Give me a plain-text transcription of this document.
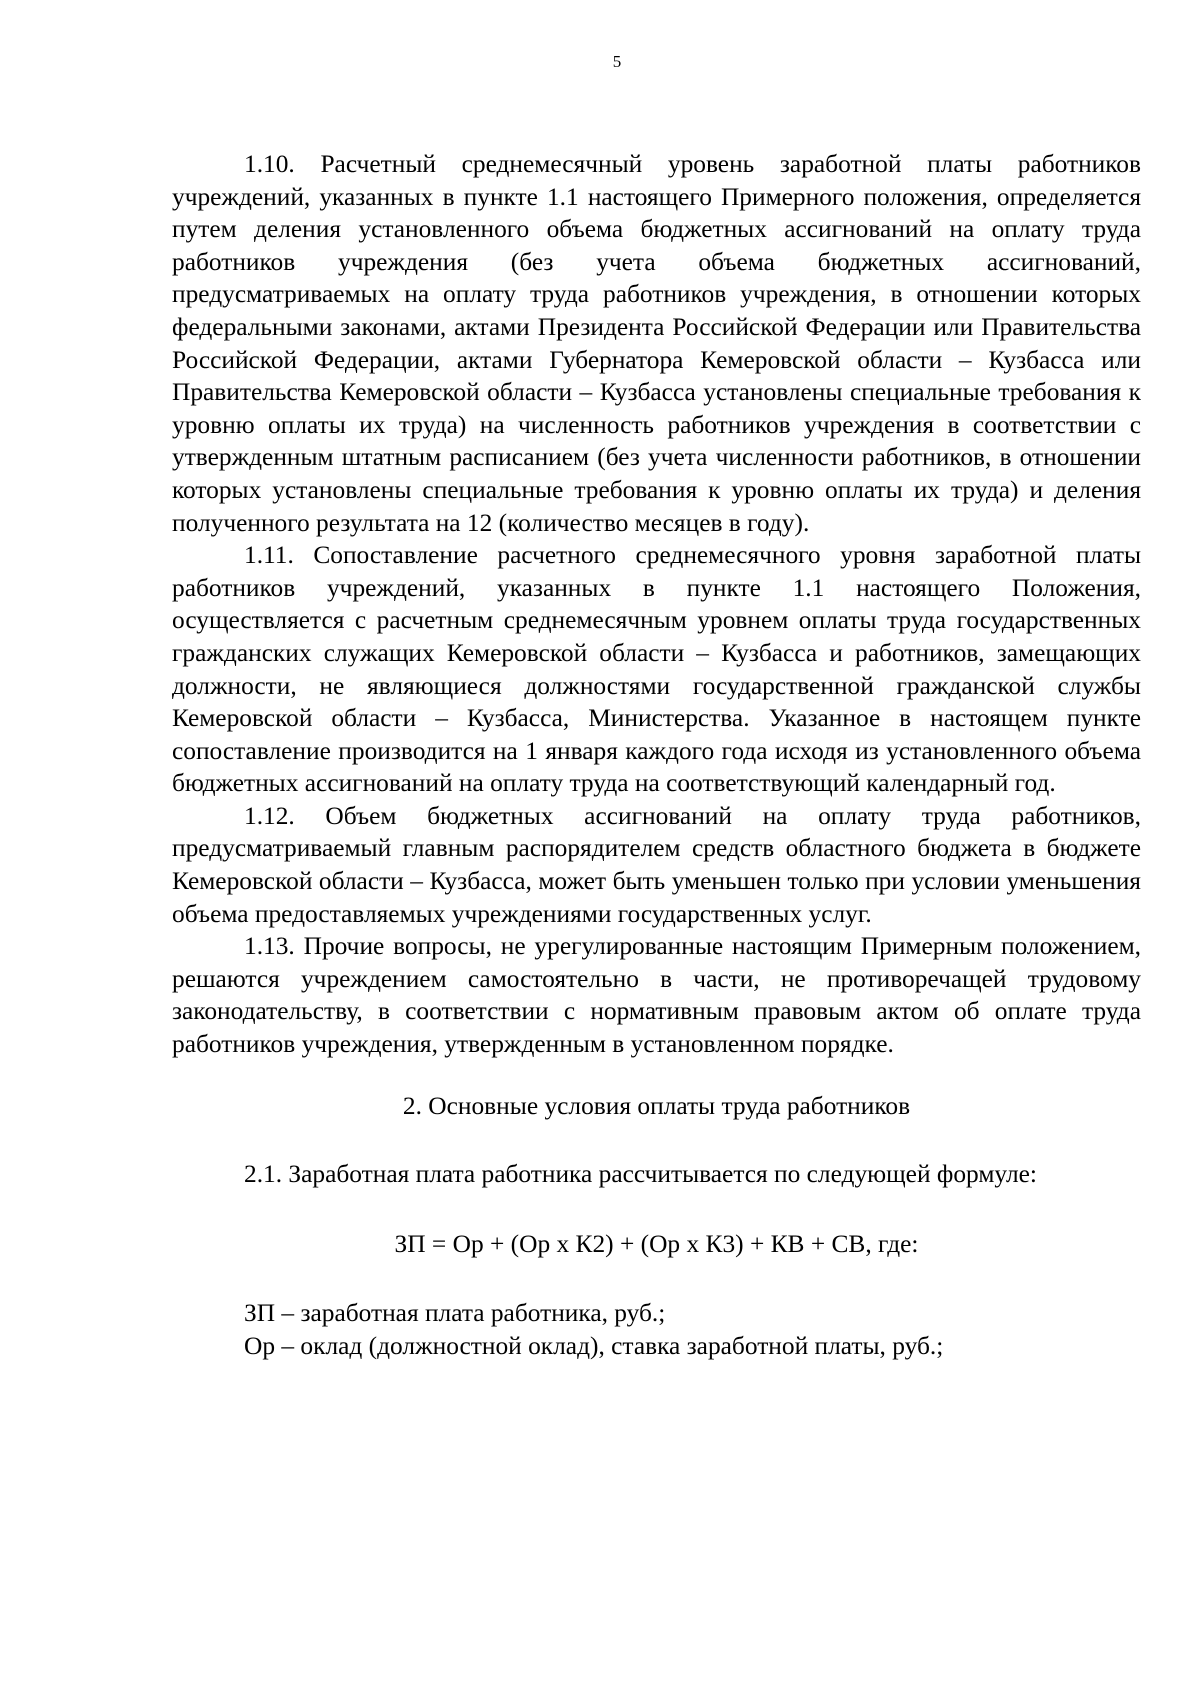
5

1.10. Расчетный среднемесячный уровень заработной платы работников учреждений, указанных в пункте 1.1 настоящего Примерного положения, определяется путем деления установленного объема бюджетных ассигнований на оплату труда работников учреждения (без учета объема бюджетных ассигнований, предусматриваемых на оплату труда работников учреждения, в отношении которых федеральными законами, актами Президента Российской Федерации или Правительства Российской Федерации, актами Губернатора Кемеровской области – Кузбасса или Правительства Кемеровской области – Кузбасса установлены специальные требования к уровню оплаты их труда) на численность работников учреждения в соответствии с утвержденным штатным расписанием (без учета численности работников, в отношении которых установлены специальные требования к уровню оплаты их труда) и деления полученного результата на 12 (количество месяцев в году).

1.11. Сопоставление расчетного среднемесячного уровня заработной платы работников учреждений, указанных в пункте 1.1 настоящего Положения, осуществляется с расчетным среднемесячным уровнем оплаты труда государственных гражданских служащих Кемеровской области – Кузбасса и работников, замещающих должности, не являющиеся должностями государственной гражданской службы Кемеровской области – Кузбасса, Министерства. Указанное в настоящем пункте сопоставление производится на 1 января каждого года исходя из установленного объема бюджетных ассигнований на оплату труда на соответствующий календарный год.

1.12. Объем бюджетных ассигнований на оплату труда работников, предусматриваемый главным распорядителем средств областного бюджета в бюджете Кемеровской области – Кузбасса, может быть уменьшен только при условии уменьшения объема предоставляемых учреждениями государственных услуг.

1.13. Прочие вопросы, не урегулированные настоящим Примерным положением, решаются учреждением самостоятельно в части, не противоречащей трудовому законодательству, в соответствии с нормативным правовым актом об оплате труда работников учреждения, утвержденным в установленном порядке.

2. Основные условия оплаты труда работников

2.1. Заработная плата работника рассчитывается по следующей формуле:

ЗП = Ор + (Ор х К2) + (Ор х К3) + КВ + СВ, где:

ЗП – заработная плата работника, руб.;
Ор – оклад (должностной оклад), ставка заработной платы, руб.;
